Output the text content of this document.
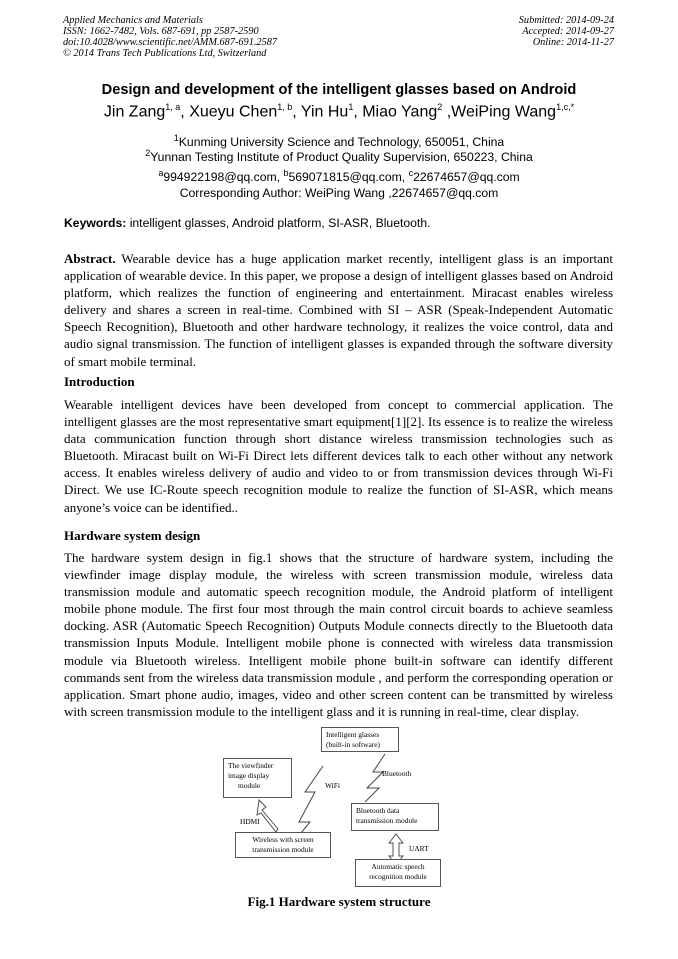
Applied Mechanics and Materials
ISSN: 1662-7482, Vols. 687-691, pp 2587-2590
doi:10.4028/www.scientific.net/AMM.687-691.2587
© 2014 Trans Tech Publications Ltd, Switzerland
Submitted: 2014-09-24
Accepted: 2014-09-27
Online: 2014-11-27
Design and development of the intelligent glasses based on Android
Jin Zang$^{1, a}$, Xueyu Chen$^{1, b}$, Yin Hu$^1$, Miao Yang$^2$ ,WeiPing Wang$^{1,c,*}$
$^1$Kunming University Science and Technology, 650051, China
$^2$Yunnan Testing Institute of Product Quality Supervision, 650223, China
$^a$994922198@qq.com, $^b$569071815@qq.com, $^c$22674657@qq.com
Corresponding Author: WeiPing Wang ,22674657@qq.com
Keywords: intelligent glasses, Android platform, SI-ASR, Bluetooth.
Abstract. Wearable device has a huge application market recently, intelligent glass is an important application of wearable device. In this paper, we propose a design of intelligent glasses based on Android platform, which realizes the function of engineering and entertainment. Miracast enables wireless delivery and shares a screen in real-time. Combined with SI – ASR (Speak-Independent Automatic Speech Recognition), Bluetooth and other hardware technology, it realizes the voice control, data and audio signal transmission. The function of intelligent glasses is expanded through the software diversity of smart mobile terminal.
Introduction
Wearable intelligent devices have been developed from concept to commercial application. The intelligent glasses are the most representative smart equipment[1][2]. Its essence is to realize the wireless data communication function through short distance wireless transmission technologies such as Bluetooth. Miracast built on Wi-Fi Direct lets different devices talk to each other without any network access. It enables wireless delivery of audio and video to or from transmission devices through Wi-Fi Direct. We use IC-Route speech recognition module to realize the function of SI-ASR, which means anyone’s voice can be identified..
Hardware system design
The hardware system design in fig.1 shows that the structure of hardware system, including the viewfinder image display module, the wireless with screen transmission module, wireless data transmission module and automatic speech recognition module, the Android platform of intelligent mobile phone module. The first four most through the main control circuit boards to achieve seamless docking. ASR (Automatic Speech Recognition) Outputs Module connects directly to the Bluetooth data transmission Inputs Module. Intelligent mobile phone is connected with wireless data transmission module via Bluetooth wireless. Intelligent mobile phone built-in software can identify different commands sent from the wireless data transmission module , and perform the corresponding operation or application. Smart phone audio, images, video and other screen content can be transmitted by wireless with screen transmission module to the intelligent glass and it is running in real-time, clear display.
Intelligent glasses
(built-in software)
The viewfinder
image display
module
Wireless with screen
transmission module
Bluetooth data
transmission module
Automatic speech
recognition module
WiFi
Bluetooth
HDMI
UART
Fig.1 Hardware system structure
